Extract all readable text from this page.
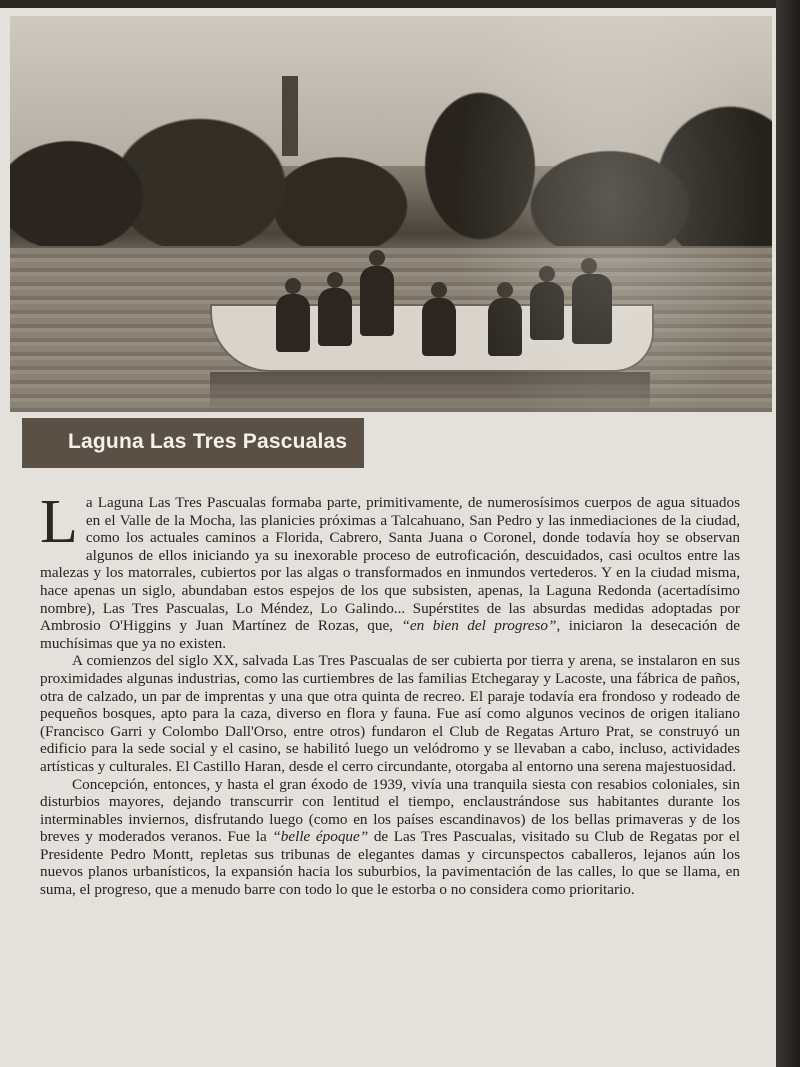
Laguna Las Tres Pascualas

La Laguna Las Tres Pascualas formaba parte, primitivamente, de numerosísimos cuerpos de agua situados en el Valle de la Mocha, las planicies próximas a Talcahuano, San Pedro y las inmediaciones de la ciudad, como los actuales caminos a Florida, Cabrero, Santa Juana o Coronel, donde todavía hoy se observan algunos de ellos iniciando ya su inexorable proceso de eutroficación, descuidados, casi ocultos entre las malezas y los matorrales, cubiertos por las algas o transformados en inmundos vertederos. Y en la ciudad misma, hace apenas un siglo, abundaban estos espejos de los que subsisten, apenas, la Laguna Redonda (acertadísimo nombre), Las Tres Pascualas, Lo Méndez, Lo Galindo... Supérstites de las absurdas medidas adoptadas por Ambrosio O'Higgins y Juan Martínez de Rozas, que, “en bien del progreso”, iniciaron la desecación de muchísimas que ya no existen.

A comienzos del siglo XX, salvada Las Tres Pascualas de ser cubierta por tierra y arena, se instalaron en sus proximidades algunas industrias, como las curtiembres de las familias Etchegaray y Lacoste, una fábrica de paños, otra de calzado, un par de imprentas y una que otra quinta de recreo. El paraje todavía era frondoso y rodeado de pequeños bosques, apto para la caza, diverso en flora y fauna. Fue así como algunos vecinos de origen italiano (Francisco Garri y Colombo Dall'Orso, entre otros) fundaron el Club de Regatas Arturo Prat, se construyó un edificio para la sede social y el casino, se habilitó luego un velódromo y se llevaban a cabo, incluso, actividades artísticas y culturales. El Castillo Haran, desde el cerro circundante, otorgaba al entorno una serena majestuosidad.

Concepción, entonces, y hasta el gran éxodo de 1939, vivía una tranquila siesta con resabios coloniales, sin disturbios mayores, dejando transcurrir con lentitud el tiempo, enclaustrándose sus habitantes durante los interminables inviernos, disfrutando luego (como en los países escandinavos) de los bellas primaveras y de los breves y moderados veranos. Fue la “belle époque” de Las Tres Pascualas, visitado su Club de Regatas por el Presidente Pedro Montt, repletas sus tribunas de elegantes damas y circunspectos caballeros, lejanos aún los nuevos planos urbanísticos, la expansión hacia los suburbios, la pavimentación de las calles, lo que se llama, en suma, el progreso, que a menudo barre con todo lo que le estorba o no considera como prioritario.
